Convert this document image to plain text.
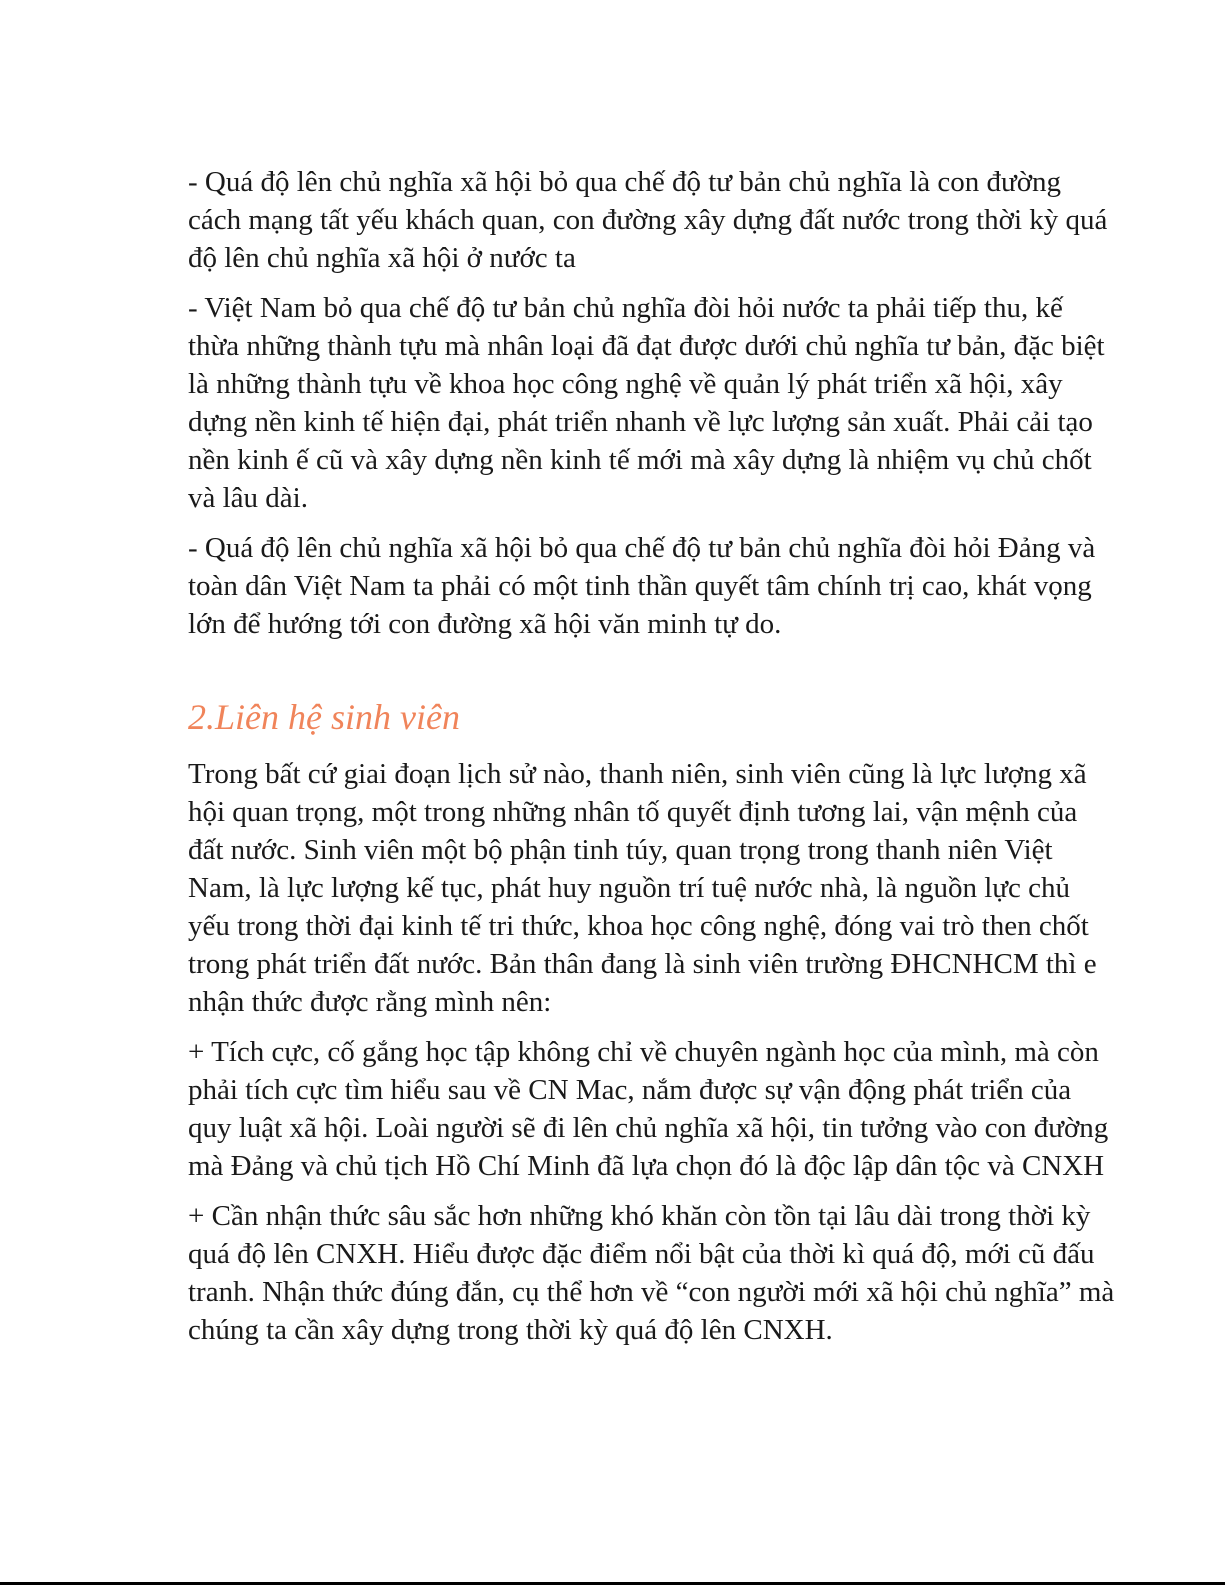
- Quá độ lên chủ nghĩa xã hội bỏ qua chế độ tư bản chủ nghĩa là con đường cách mạng tất yếu khách quan, con đường xây dựng đất nước trong thời kỳ quá độ lên chủ nghĩa xã hội ở nước ta

- Việt Nam bỏ qua chế độ tư bản chủ nghĩa đòi hỏi nước ta phải tiếp thu, kế thừa những thành tựu mà nhân loại đã đạt được dưới chủ nghĩa tư bản, đặc biệt là những thành tựu về khoa học công nghệ về quản lý phát triển xã hội, xây dựng nền kinh tế hiện đại, phát triển nhanh về lực lượng sản xuất. Phải cải tạo nền kinh ế cũ và xây dựng nền kinh tế mới mà xây dựng là nhiệm vụ chủ chốt và lâu dài.

- Quá độ lên chủ nghĩa xã hội bỏ qua chế độ tư bản chủ nghĩa đòi hỏi Đảng và toàn dân Việt Nam ta phải có một tinh thần quyết tâm chính trị cao, khát vọng lớn để hướng tới con đường xã hội văn minh tự do.

2.Liên hệ sinh viên

Trong bất cứ giai đoạn lịch sử nào, thanh niên, sinh viên cũng là lực lượng xã hội quan trọng, một trong những nhân tố quyết định tương lai, vận mệnh của đất nước. Sinh viên một bộ phận tinh túy, quan trọng trong thanh niên Việt Nam, là lực lượng kế tục, phát huy nguồn trí tuệ nước nhà, là nguồn lực chủ yếu trong thời đại kinh tế tri thức, khoa học công nghệ, đóng vai trò then chốt trong phát triển đất nước. Bản thân đang là sinh viên trường ĐHCNHCM thì e nhận thức được rằng mình nên:

+ Tích cực, cố gắng học tập không chỉ về chuyên ngành học của mình, mà còn phải tích cực tìm hiểu sau về CN Mac, nắm được sự vận động phát triển của quy luật xã hội. Loài người sẽ đi lên chủ nghĩa xã hội, tin tưởng vào con đường mà Đảng và chủ tịch Hồ Chí Minh đã lựa chọn đó là độc lập dân tộc và CNXH

+ Cần nhận thức sâu sắc hơn những khó khăn còn tồn tại lâu dài trong thời kỳ quá độ lên CNXH. Hiểu được đặc điểm nổi bật của thời kì quá độ, mới cũ đấu tranh. Nhận thức đúng đắn, cụ thể hơn về “con người mới xã hội chủ nghĩa” mà chúng ta cần xây dựng trong thời kỳ quá độ lên CNXH.
